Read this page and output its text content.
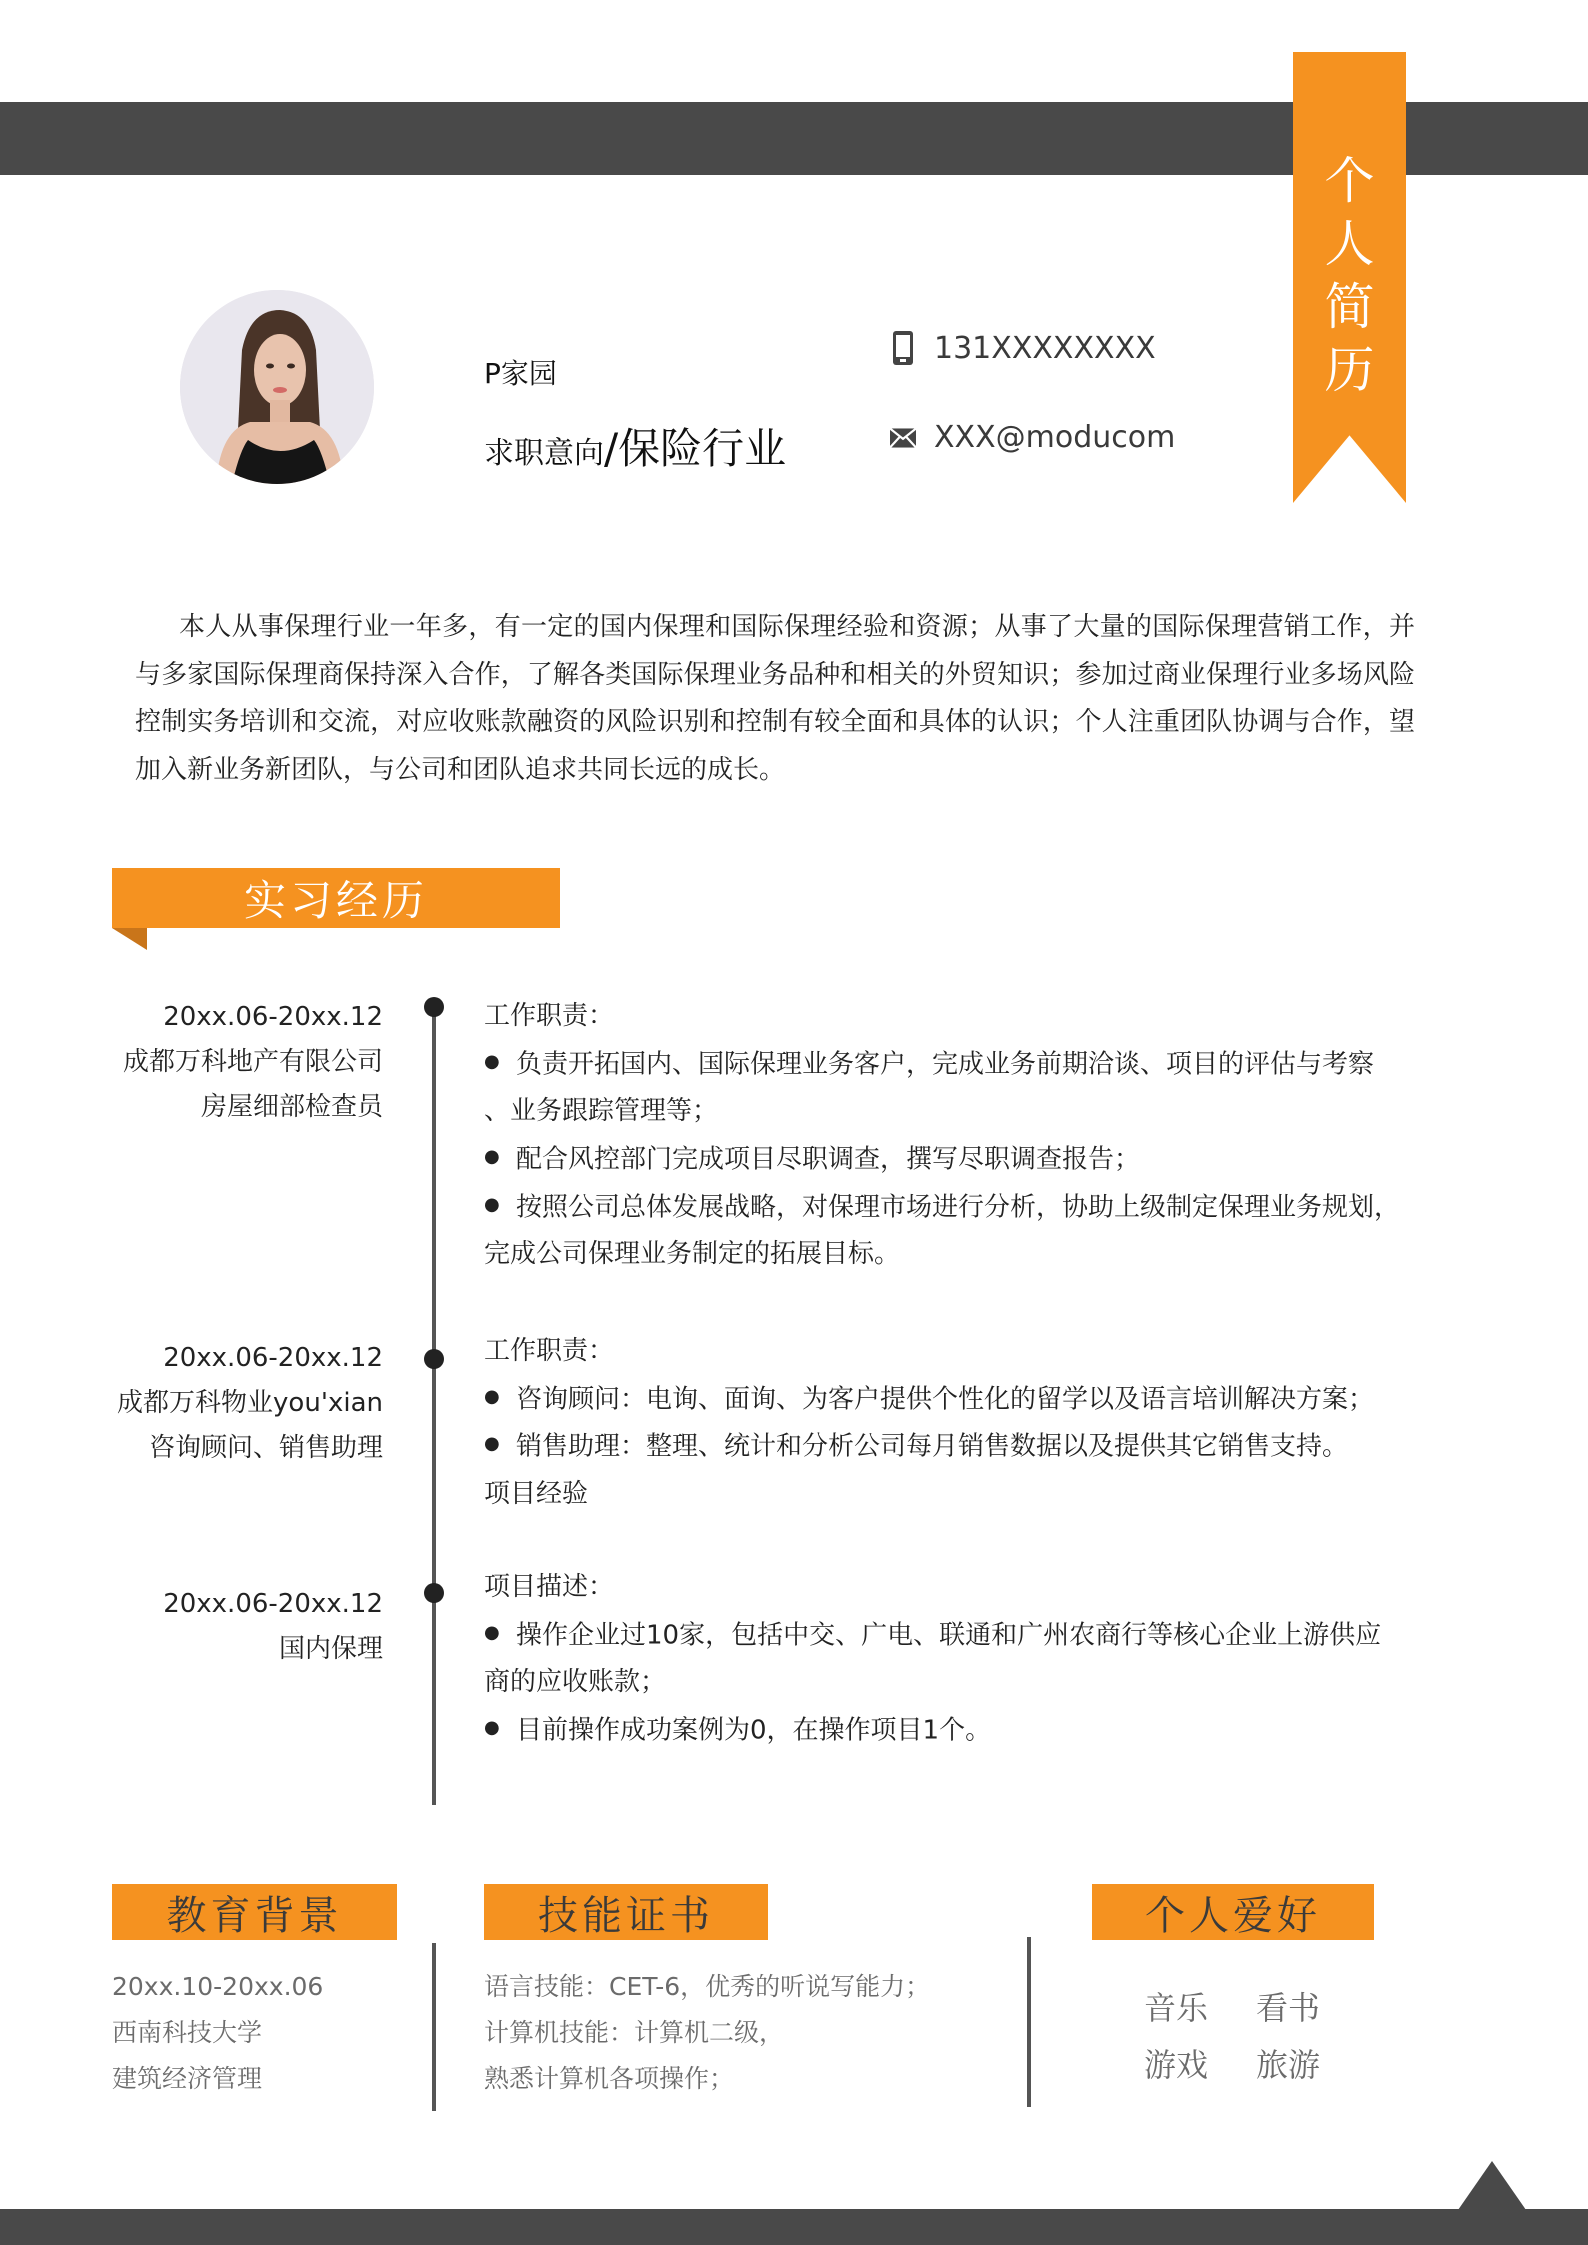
个
人
简
历
P家园
求职意向/保险行业
131XXXXXXXX
XXX@moducom

本人从事保理行业一年多，有一定的国内保理和国际保理经验和资源；从事了大量的国际保理营销工作，并与多家国际保理商保持深入合作，了解各类国际保理业务品种和相关的外贸知识；参加过商业保理行业多场风险控制实务培训和交流，对应收账款融资的风险识别和控制有较全面和具体的认识；个人注重团队协调与合作，望加入新业务新团队，与公司和团队追求共同长远的成长。

实习经历
20xx.06-20xx.12
成都万科地产有限公司
房屋细部检查员
工作职责：
● 负责开拓国内、国际保理业务客户，完成业务前期洽谈、项目的评估与考察
、业务跟踪管理等；
● 配合风控部门完成项目尽职调查，撰写尽职调查报告；
● 按照公司总体发展战略，对保理市场进行分析，协助上级制定保理业务规划，
完成公司保理业务制定的拓展目标。
20xx.06-20xx.12
成都万科物业you'xian
咨询顾问、销售助理
工作职责：
● 咨询顾问：电询、面询、为客户提供个性化的留学以及语言培训解决方案；
● 销售助理：整理、统计和分析公司每月销售数据以及提供其它销售支持。
项目经验
20xx.06-20xx.12
国内保理
项目描述：
● 操作企业过10家，包括中交、广电、联通和广州农商行等核心企业上游供应
商的应收账款；
● 目前操作成功案例为0，在操作项目1个。
教育背景	技能证书	个人爱好
20xx.10-20xx.06
西南科技大学
建筑经济管理
语言技能：CET-6，优秀的听说写能力；
计算机技能：计算机二级，
熟悉计算机各项操作；
音乐 看书
游戏 旅游
